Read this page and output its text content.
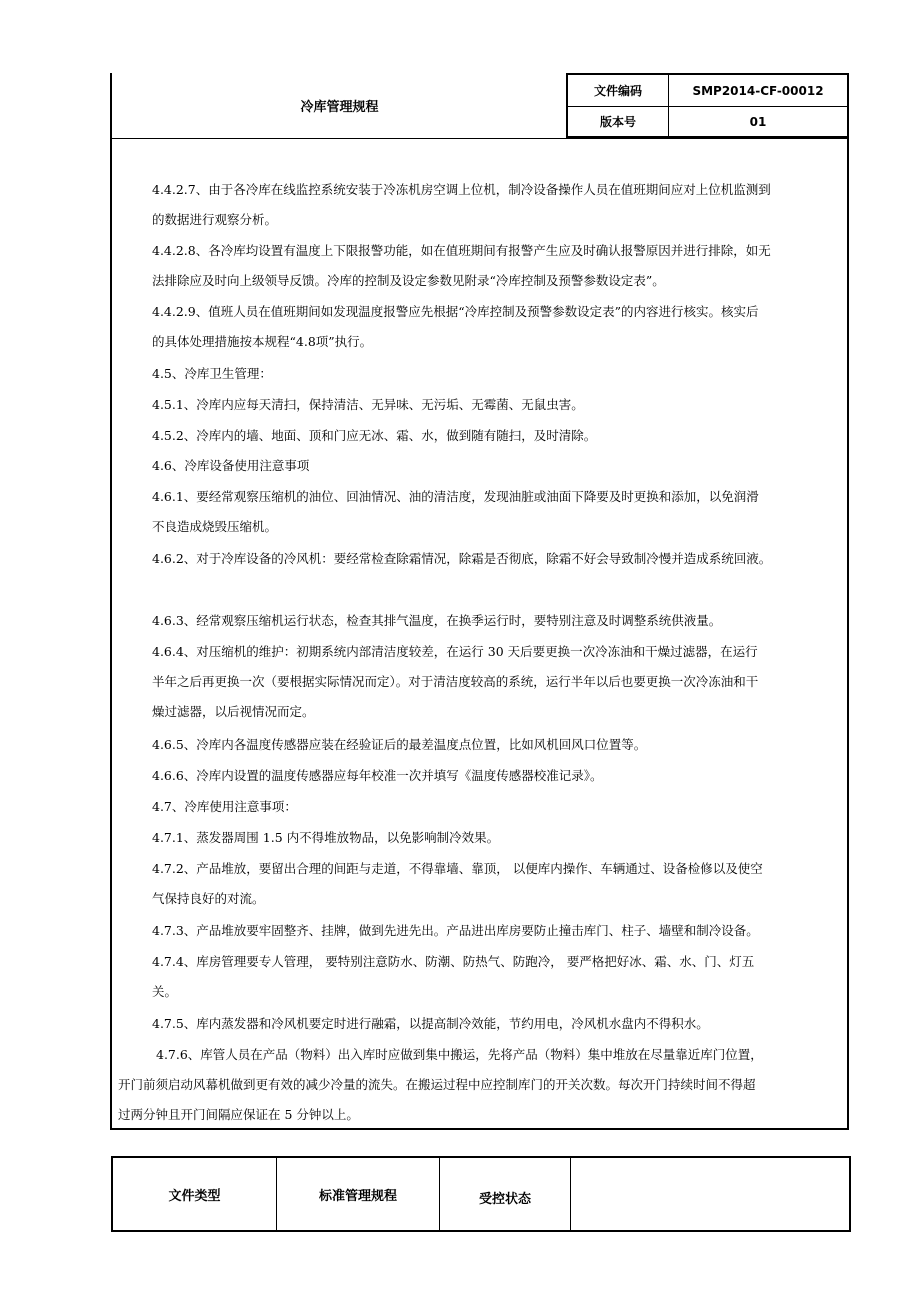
冷库管理规程
文件编码	SMP2014-CF-00012
版本号	01
4.4.2.7、由于各冷库在线监控系统安装于冷冻机房空调上位机，制冷设备操作人员在值班期间应对上位机监测到
的数据进行观察分析。
4.4.2.8、各冷库均设置有温度上下限报警功能，如在值班期间有报警产生应及时确认报警原因并进行排除，如无
法排除应及时向上级领导反馈。冷库的控制及设定参数见附录“冷库控制及预警参数设定表”。
4.4.2.9、值班人员在值班期间如发现温度报警应先根据“冷库控制及预警参数设定表”的内容进行核实。核实后
的具体处理措施按本规程“4.8项”执行。
4.5、冷库卫生管理：
4.5.1、冷库内应每天清扫，保持清洁、无异味、无污垢、无霉菌、无鼠虫害。
4.5.2、冷库内的墙、地面、顶和门应无冰、霜、水，做到随有随扫，及时清除。
4.6、冷库设备使用注意事项
4.6.1、要经常观察压缩机的油位、回油情况、油的清洁度，发现油脏或油面下降要及时更换和添加，以免润滑
不良造成烧毁压缩机。
4.6.2、对于冷库设备的冷风机：要经常检查除霜情况，除霜是否彻底，除霜不好会导致制冷慢并造成系统回液。
4.6.3、经常观察压缩机运行状态，检查其排气温度，在换季运行时，要特别注意及时调整系统供液量。
4.6.4、对压缩机的维护：初期系统内部清洁度较差，在运行 30 天后要更换一次冷冻油和干燥过滤器，在运行
半年之后再更换一次（要根据实际情况而定）。对于清洁度较高的系统，运行半年以后也要更换一次冷冻油和干
燥过滤器，以后视情况而定。
4.6.5、冷库内各温度传感器应装在经验证后的最差温度点位置，比如风机回风口位置等。
4.6.6、冷库内设置的温度传感器应每年校准一次并填写《温度传感器校准记录》。
4.7、冷库使用注意事项：
4.7.1、蒸发器周围 1.5 内不得堆放物品，以免影响制冷效果。
4.7.2、产品堆放，要留出合理的间距与走道，不得靠墙、靠顶， 以便库内操作、车辆通过、设备检修以及使空
气保持良好的对流。
4.7.3、产品堆放要牢固整齐、挂牌，做到先进先出。产品进出库房要防止撞击库门、柱子、墙壁和制冷设备。
4.7.4、库房管理要专人管理， 要特别注意防水、防潮、防热气、防跑冷， 要严格把好冰、霜、水、门、灯五
关。
4.7.5、库内蒸发器和冷风机要定时进行融霜，以提高制冷效能，节约用电，冷风机水盘内不得积水。
4.7.6、库管人员在产品（物料）出入库时应做到集中搬运，先将产品（物料）集中堆放在尽量靠近库门位置，
开门前须启动风幕机做到更有效的减少冷量的流失。在搬运过程中应控制库门的开关次数。每次开门持续时间不得超
过两分钟且开门间隔应保证在 5 分钟以上。
文件类型	标准管理规程	受控状态
